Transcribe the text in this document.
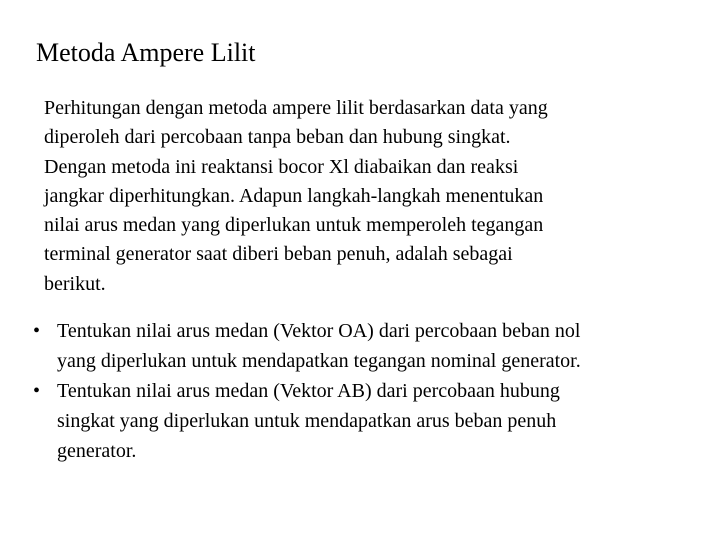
Metoda Ampere Lilit

Perhitungan dengan metoda ampere lilit berdasarkan data yang
diperoleh dari percobaan tanpa beban dan hubung singkat.
Dengan metoda ini reaktansi bocor Xl diabaikan dan reaksi
jangkar diperhitungkan. Adapun langkah-langkah menentukan
nilai arus medan yang diperlukan untuk memperoleh tegangan
terminal generator saat diberi beban penuh, adalah sebagai
berikut.

• Tentukan nilai arus medan (Vektor OA) dari percobaan beban nol
yang diperlukan untuk mendapatkan tegangan nominal generator.
• Tentukan nilai arus medan (Vektor AB) dari percobaan hubung
singkat yang diperlukan untuk mendapatkan arus beban penuh
generator.
